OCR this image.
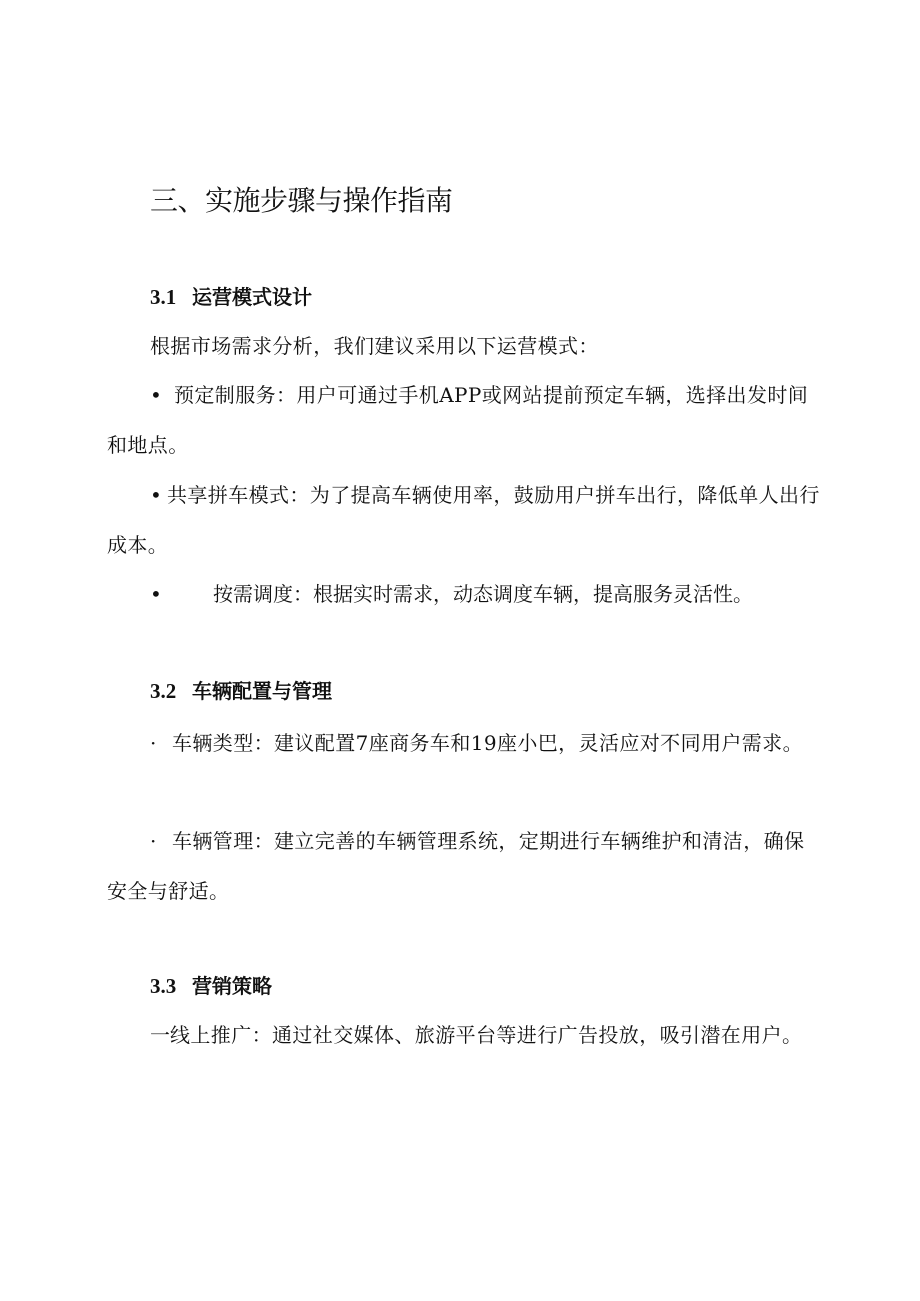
三、实施步骤与操作指南
3.1 运营模式设计

根据市场需求分析，我们建议采用以下运营模式：

• 预定制服务：用户可通过手机APP或网站提前预定车辆，选择出发时间和地点。

• 共享拼车模式：为了提高车辆使用率，鼓励用户拼车出行，降低单人出行成本。

•	按需调度：根据实时需求，动态调度车辆，提高服务灵活性。

3.2 车辆配置与管理

· 车辆类型：建议配置7座商务车和19座小巴，灵活应对不同用户需求。

· 车辆管理：建立完善的车辆管理系统，定期进行车辆维护和清洁，确保安全与舒适。

3.3 营销策略

一线上推广：通过社交媒体、旅游平台等进行广告投放，吸引潜在用户。
